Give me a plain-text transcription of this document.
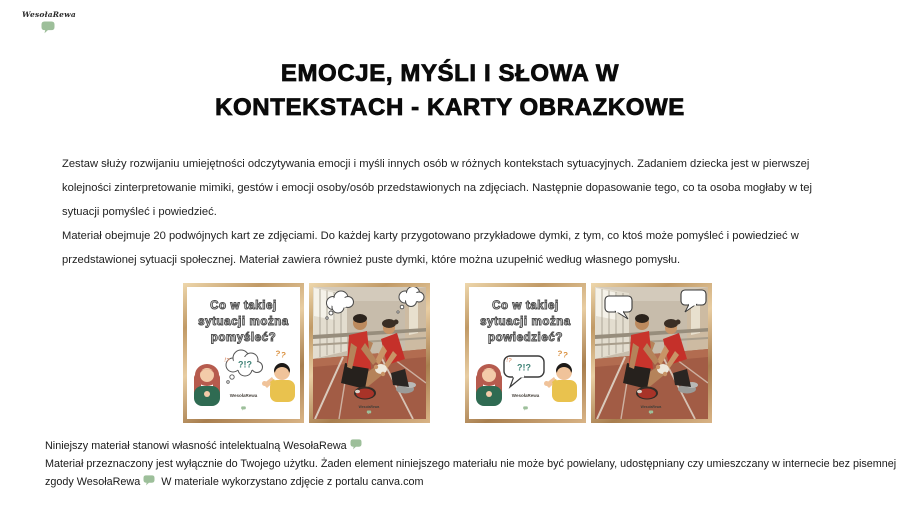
WesołaRewa
EMOCJE, MYŚLI I SŁOWA W
KONTEKSTACH - KARTY OBRAZKOWE
Zestaw służy rozwijaniu umiejętności odczytywania emocji i myśli innych osób w różnych kontekstach sytuacyjnych. Zadaniem dziecka jest w pierwszej
kolejności zinterpretowanie mimiki, gestów i emocji osoby/osób przedstawionych na zdjęciach. Następnie dopasowanie tego, co ta osoba mogłaby w tej
sytuacji pomyśleć i powiedzieć.
Materiał obejmuje 20 podwójnych kart ze zdjęciami. Do każdej karty przygotowano przykładowe dymki, z tym, co ktoś może pomyśleć i powiedzieć w
przedstawionej sytuacji społecznej. Materiał zawiera również puste dymki, które można uzupełnić według własnego pomysłu.
Co w takiej
sytuacji można
pomyśleć?
?!?
!?
??
WesołaRewa
WesołaRewa
Co w takiej
sytuacji można
powiedzieć?
?!?
!?
??
WesołaRewa
WesołaRewa
Niniejszy materiał stanowi własność intelektualną WesołaRewa
Materiał przeznaczony jest wyłącznie do Twojego użytku. Żaden element niniejszego materiału nie może być powielany, udostępniany czy umieszczany w internecie bez pisemnej
zgody WesołaRewa W materiale wykorzystano zdjęcie z portalu canva.com
